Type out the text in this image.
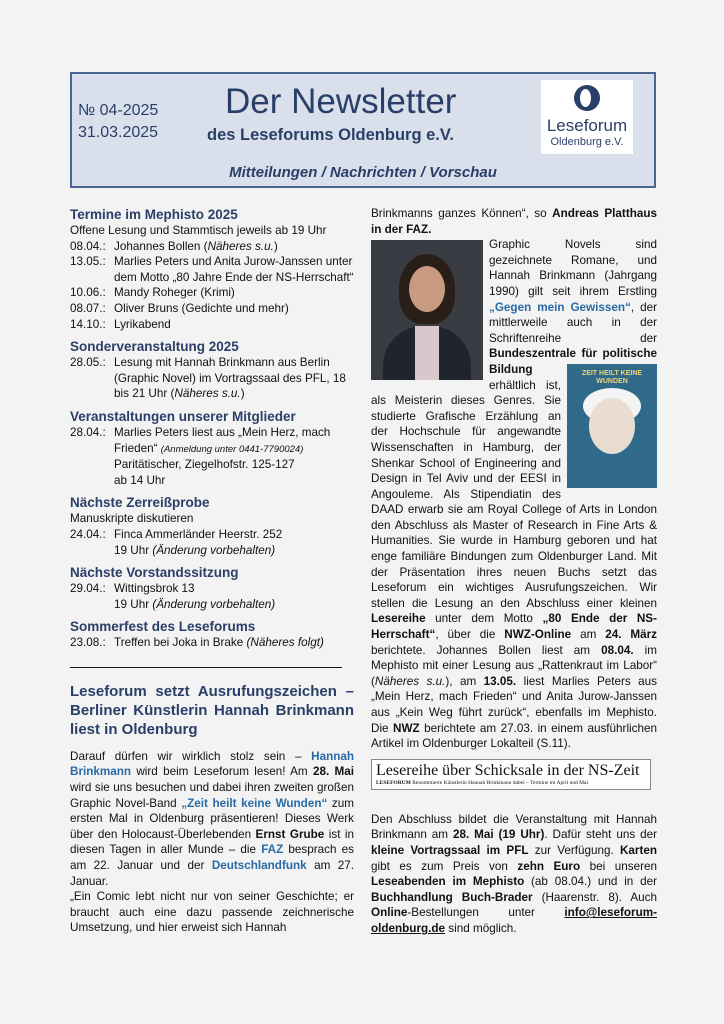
№ 04-2025
31.03.2025
Der Newsletter
des Leseforums Oldenburg e.V.
Mitteilungen / Nachrichten / Vorschau
Leseforum
Oldenburg e.V.
Termine im Mephisto 2025
Offene Lesung und Stammtisch jeweils ab 19 Uhr
08.04.: Johannes Bollen (Näheres s.u.)
13.05.: Marlies Peters und Anita Jurow-Janssen unter dem Motto „80 Jahre Ende der NS-Herrschaft“
10.06.: Mandy Roheger (Krimi)
08.07.: Oliver Bruns (Gedichte und mehr)
14.10.: Lyrikabend
Sonderveranstaltung 2025
28.05.: Lesung mit Hannah Brinkmann aus Berlin (Graphic Novel) im Vortragssaal des PFL, 18 bis 21 Uhr (Näheres s.u.)
Veranstaltungen unserer Mitglieder
28.04.: Marlies Peters liest aus „Mein Herz, mach Frieden“ (Anmeldung unter 0441-7790024)
Paritätischer, Ziegelhofstr. 125-127
ab 14 Uhr
Nächste Zerreißprobe
Manuskripte diskutieren
24.04.: Finca Ammerländer Heerstr. 252
19 Uhr (Änderung vorbehalten)
Nächste Vorstandssitzung
29.04.: Wittingsbrok 13
19 Uhr (Änderung vorbehalten)
Sommerfest des Leseforums
23.08.: Treffen bei Joka in Brake (Näheres folgt)
Leseforum setzt Ausrufungszeichen – Berliner Künstlerin Hannah Brinkmann liest in Oldenburg

Darauf dürfen wir wirklich stolz sein – Hannah Brinkmann wird beim Leseforum lesen! Am 28. Mai wird sie uns besuchen und dabei ihren zweiten großen Graphic Novel-Band „Zeit heilt keine Wunden“ zum ersten Mal in Oldenburg präsentieren! Dieses Werk über den Holocaust-Überlebenden Ernst Grube ist in diesen Tagen in aller Munde – die FAZ besprach es am 22. Januar und der Deutschlandfunk am 27. Januar.

„Ein Comic lebt nicht nur von seiner Geschichte; er braucht auch eine dazu passende zeichnerische Umsetzung, und hier erweist sich Hannah

Brinkmanns ganzes Können“, so Andreas Platthaus in der FAZ.

Graphic Novels sind gezeichnete Romane, und Hannah Brinkmann (Jahrgang 1990) gilt seit ihrem Erstling „Gegen mein Gewissen“, der mittlerweile auch in der Schriftenreihe der Bundeszentrale für politische Bildung	ZEIT HEILT KEINE WUNDEN
erhältlich ist, als Meisterin dieses Genres. Sie studierte Grafische Erzählung an der Hochschule für angewandte Wissenschaften in Hamburg, der Shenkar School of Engineering and Design in Tel Aviv und der EESI in Angouleme. Als Stipendiatin des DAAD erwarb sie am Royal College of Arts in London den Abschluss als Master of Research in Fine Arts & Humanities. Sie wurde in Hamburg geboren und hat enge familiäre Bindungen zum Oldenburger Land. Mit der Präsentation ihres neuen Buchs setzt das Leseforum ein wichtiges Ausrufungszeichen. Wir stellen die Lesung an den Abschluss einer kleinen Lesereihe unter dem Motto „80 Ende der NS-Herrschaft“, über die NWZ-Online am 24. März berichtete. Johannes Bollen liest am 08.04. im Mephisto mit einer Lesung aus „Rattenkraut im Labor“ (Näheres s.u.), am 13.05. liest Marlies Peters aus „Mein Herz, mach Frieden“ und Anita Jurow-Janssen aus „Kein Weg führt zurück“, ebenfalls im Mephisto. Die NWZ berichtete am 27.03. in einem ausführlichen Artikel im Oldenburger Lokalteil (S.11).

Lesereihe über Schicksale in der NS-Zeit
LESEFORUM Renommierte Künstlerin Hannah Brinkmann dabei – Termine im April und Mai

Den Abschluss bildet die Veranstaltung mit Hannah Brinkmann am 28. Mai (19 Uhr). Dafür steht uns der kleine Vortragssaal im PFL zur Verfügung. Karten gibt es zum Preis von zehn Euro bei unseren Leseabenden im Mephisto (ab 08.04.) und in der Buchhandlung Buch-Brader (Haarenstr. 8). Auch Online-Bestellungen unter info@leseforum-oldenburg.de sind möglich.
